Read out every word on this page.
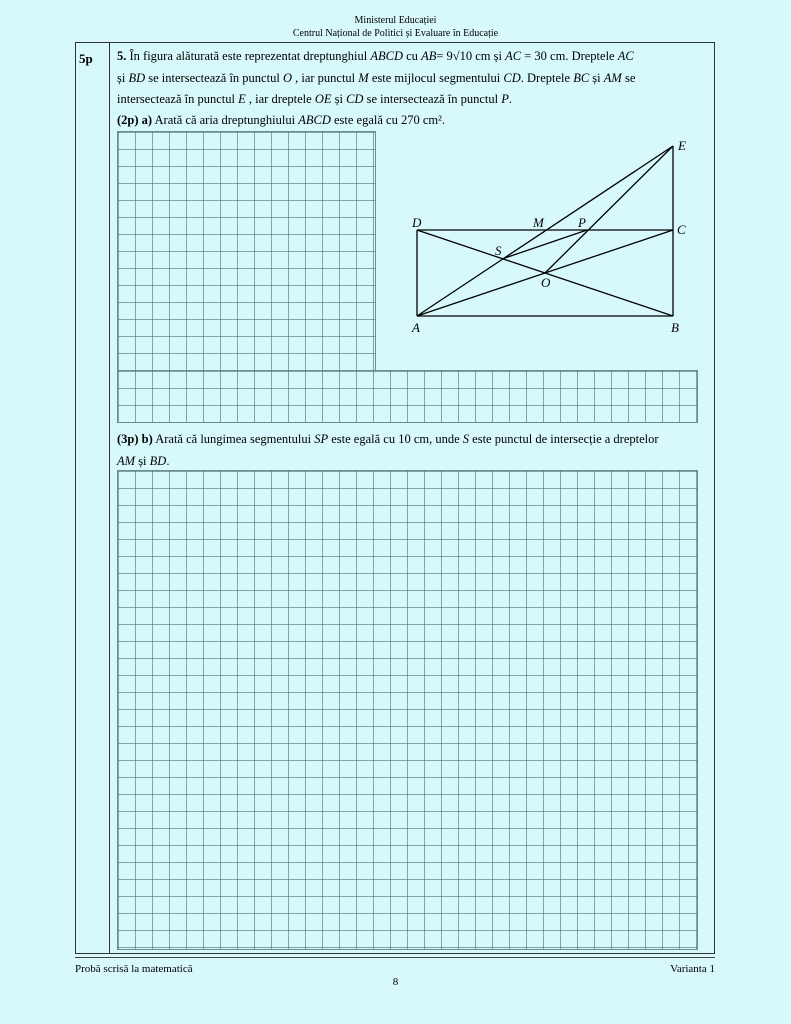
Ministerul Educației
Centrul Național de Politici și Evaluare în Educație
5p 5. În figura alăturată este reprezentat dreptunghiul ABCD cu AB= 9√10 cm și AC = 30 cm. Dreptele AC
și BD se intersectează în punctul O , iar punctul M este mijlocul segmentului CD. Dreptele BC și AM se
intersectează în punctul E , iar dreptele OE și CD se intersectează în punctul P.
(2p) a) Arată că aria dreptunghiului ABCD este egală cu 270 cm².
A	B
C
D
E
M	P
S
O
(3p) b) Arată că lungimea segmentului SP este egală cu 10 cm, unde S este punctul de intersecție a dreptelor
AM și BD.
Probă scrisă la matematică	Varianta 1
8
